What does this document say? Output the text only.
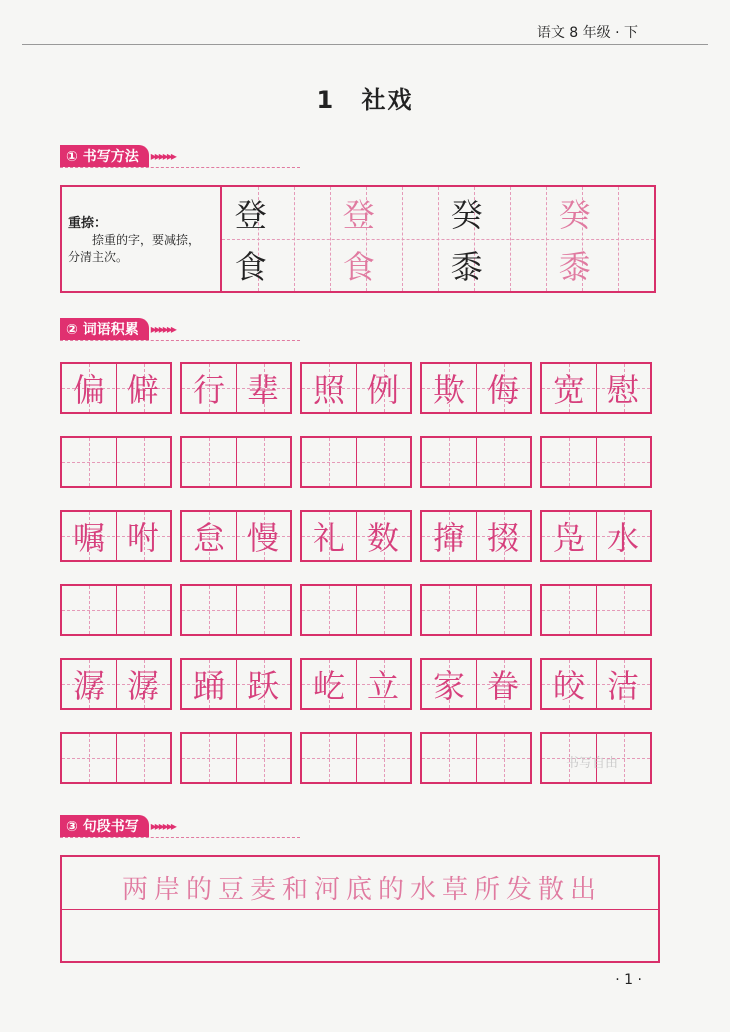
语文 8 年级 · 下
1 社戏
① 书写方法	▸▸▸▸▸▸
重捺：
捺重的字，要减捺，
分清主次。
登	登	癸	癸
食	食	黍	黍
② 词语积累	▸▸▸▸▸▸
偏 僻	行 辈	照 例	欺 侮	宽 慰
嘱 咐	怠 慢	礼 数	撺 掇	凫 水
潺 潺	踊 跃	屹 立	家 眷	皎 洁
书写自由
③ 句段书写	▸▸▸▸▸▸
两岸的豆麦和河底的水草所发散出
· 1 ·
